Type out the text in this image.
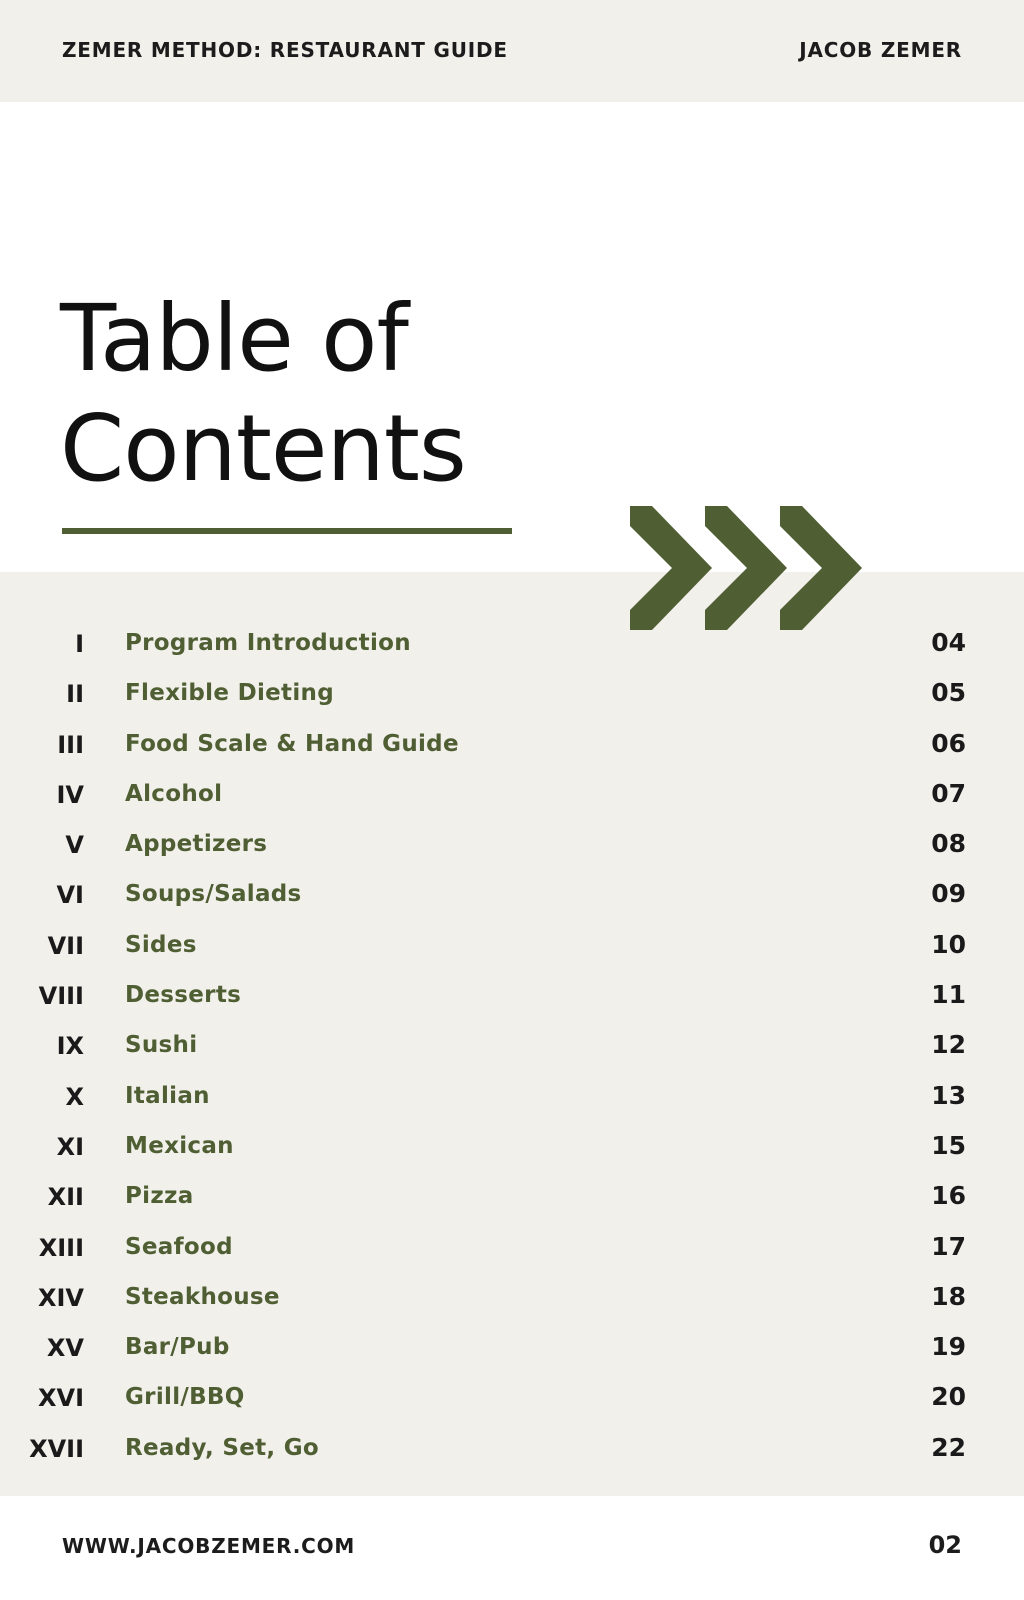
ZEMER METHOD: RESTAURANT GUIDE	JACOB ZEMER
Table of
Contents
I Program Introduction	04
II Flexible Dieting	05
III Food Scale & Hand Guide	06
IV Alcohol	07
V Appetizers	08
VI Soups/Salads	09
VII Sides	10
VIII Desserts	11
IX Sushi	12
X Italian	13
XI Mexican	15
XII Pizza	16
XIII Seafood	17
XIV Steakhouse	18
XV Bar/Pub	19
XVI Grill/BBQ	20
XVII Ready, Set, Go	22
WWW.JACOBZEMER.COM	02
